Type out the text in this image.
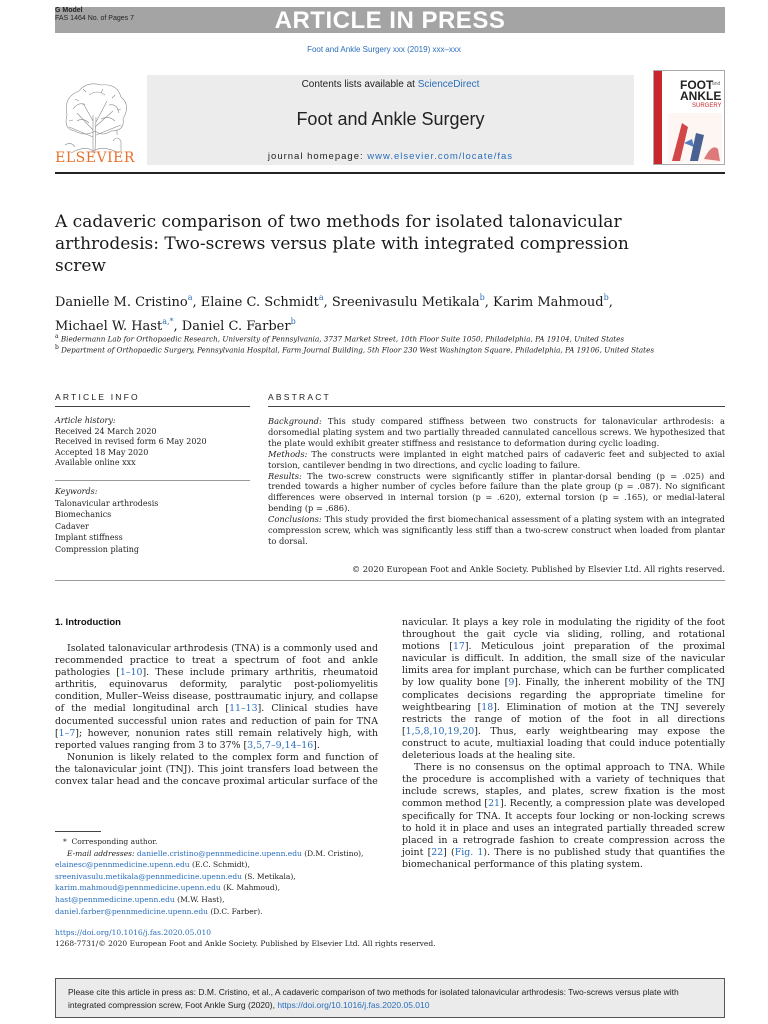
ARTICLE IN PRESS
G Model
FAS 1464 No. of Pages 7
Foot and Ankle Surgery xxx (2019) xxx–xxx
ELSEVIER
Contents lists available at ScienceDirect
Foot and Ankle Surgery
journal homepage: www.elsevier.com/locate/fas
FOOT
and
ANKLE
SURGERY
A cadaveric comparison of two methods for isolated talonavicular arthrodesis: Two-screws versus plate with integrated compression screw
Danielle M. Cristino$^a$, Elaine C. Schmidt$^a$, Sreenivasulu Metikala$^b$, Karim Mahmoud$^b$,
Michael W. Hast$^{a,*}$, Daniel C. Farber$^b$
$^a$ Biedermann Lab for Orthopaedic Research, University of Pennsylvania, 3737 Market Street, 10th Floor Suite 1050, Philadelphia, PA 19104, United States
$^b$ Department of Orthopaedic Surgery, Pennsylvania Hospital, Farm Journal Building, 5th Floor 230 West Washington Square, Philadelphia, PA 19106, United States
ARTICLE INFO	ABSTRACT
Article history:
Received 24 March 2020
Received in revised form 6 May 2020
Accepted 18 May 2020
Available online xxx
Keywords:
Talonavicular arthrodesis
Biomechanics
Cadaver
Implant stiffness
Compression plating
Background: This study compared stiffness between two constructs for talonavicular arthrodesis: a dorsomedial plating system and two partially threaded cannulated cancellous screws. We hypothesized that the plate would exhibit greater stiffness and resistance to deformation during cyclic loading.
Methods: The constructs were implanted in eight matched pairs of cadaveric feet and subjected to axial torsion, cantilever bending in two directions, and cyclic loading to failure.
Results: The two-screw constructs were significantly stiffer in plantar-dorsal bending (p = .025) and trended towards a higher number of cycles before failure than the plate group (p = .087). No significant differences were observed in internal torsion (p = .620), external torsion (p = .165), or medial-lateral bending (p = .686).
Conclusions: This study provided the first biomechanical assessment of a plating system with an integrated compression screw, which was significantly less stiff than a two-screw construct when loaded from plantar to dorsal.
© 2020 European Foot and Ankle Society. Published by Elsevier Ltd. All rights reserved.
1. Introduction

Isolated talonavicular arthrodesis (TNA) is a commonly used and recommended practice to treat a spectrum of foot and ankle pathologies [1–10]. These include primary arthritis, rheumatoid arthritis, equinovarus deformity, paralytic post-poliomyelitis condition, Muller–Weiss disease, posttraumatic injury, and collapse of the medial longitudinal arch [11–13]. Clinical studies have documented successful union rates and reduction of pain for TNA [1–7]; however, nonunion rates still remain relatively high, with reported values ranging from 3 to 37% [3,5,7–9,14–16].

Nonunion is likely related to the complex form and function of the talonavicular joint (TNJ). This joint transfers load between the convex talar head and the concave proximal articular surface of the

navicular. It plays a key role in modulating the rigidity of the foot throughout the gait cycle via sliding, rolling, and rotational motions [17]. Meticulous joint preparation of the proximal navicular is difficult. In addition, the small size of the navicular limits area for implant purchase, which can be further complicated by low quality bone [9]. Finally, the inherent mobility of the TNJ complicates decisions regarding the appropriate timeline for weightbearing [18]. Elimination of motion at the TNJ severely restricts the range of motion of the foot in all directions [1,5,8,10,19,20]. Thus, early weightbearing may expose the construct to acute, multiaxial loading that could induce potentially deleterious loads at the healing site.

There is no consensus on the optimal approach to TNA. While the procedure is accomplished with a variety of techniques that include screws, staples, and plates, screw fixation is the most common method [21]. Recently, a compression plate was developed specifically for TNA. It accepts four locking or non-locking screws to hold it in place and uses an integrated partially threaded screw placed in a retrograde fashion to create compression across the joint [22] (Fig. 1). There is no published study that quantifies the biomechanical performance of this plating system.

* Corresponding author.
E-mail addresses: danielle.cristino@pennmedicine.upenn.edu (D.M. Cristino),
elainesc@pennmedicine.upenn.edu (E.C. Schmidt),
sreenivasulu.metikala@pennmedicine.upenn.edu (S. Metikala),
karim.mahmoud@pennmedicine.upenn.edu (K. Mahmoud),
hast@pennmedicine.upenn.edu (M.W. Hast),
daniel.farber@pennmedicine.upenn.edu (D.C. Farber).
https://doi.org/10.1016/j.fas.2020.05.010
1268-7731/© 2020 European Foot and Ankle Society. Published by Elsevier Ltd. All rights reserved.
Please cite this article in press as: D.M. Cristino, et al., A cadaveric comparison of two methods for isolated talonavicular arthrodesis: Two-screws versus plate with integrated compression screw, Foot Ankle Surg (2020), https://doi.org/10.1016/j.fas.2020.05.010
